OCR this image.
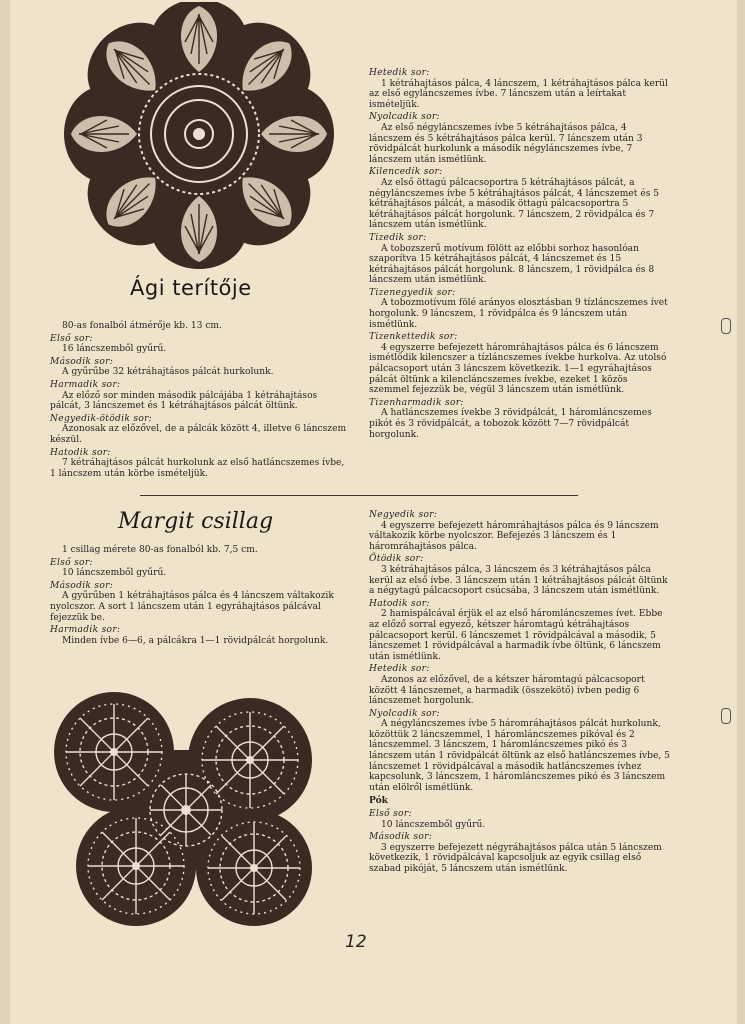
Ági terítője

80-as fonalból átmérője kb. 13 cm.

Első sor:

16 láncszemből gyűrű.

Második sor:

A gyűrűbe 32 kétráhajtásos pálcát hurkolunk.

Harmadik sor:

Az előző sor minden második pálcájába 1 kétráhajtásos pálcát, 3 láncszemet és 1 kétráhajtásos pálcát öltünk.

Negyedik-ötödik sor:

Azonosak az előzővel, de a pálcák között 4, illetve 6 láncszem készül.

Hatodik sor:

7 kétráhajtásos pálcát hurkolunk az első hatláncszemes ívbe, 1 láncszem után körbe ismételjük.

Hetedik sor:

1 kétráhajtásos pálca, 4 láncszem, 1 kétráhajtásos pálca kerül az első egyláncszemes ívbe. 7 láncszem után a leírtakat ismételjük.

Nyolcadik sor:

Az első négyláncszemes ívbe 5 kétráhajtásos pálca, 4 láncszem és 5 kétráhajtásos pálca kerül. 7 láncszem után 3 rövidpálcát hurkolunk a második négyláncszemes ívbe, 7 láncszem után ismétlünk.

Kilencedik sor:

Az első öttagú pálcacsoportra 5 kétráhajtásos pálcát, a négyláncszemes ívbe 5 kétráhajtásos pálcát, 4 láncszemet és 5 kétráhajtásos pálcát, a második öttagú pálcacsoportra 5 kétráhajtásos pálcát horgolunk. 7 láncszem, 2 rövidpálca és 7 láncszem után ismétlünk.

Tizedik sor:

A tobozszerű motívum fölött az előbbi sorhoz hasonlóan szaporítva 15 kétráhajtásos pálcát, 4 láncszemet és 15 kétráhajtásos pálcát horgolunk. 8 láncszem, 1 rövidpálca és 8 láncszem után ismétlünk.

Tizenegyedik sor:

A tobozmotívum fölé arányos elosztásban 9 tízláncszemes ívet horgolunk. 9 láncszem, 1 rövidpálca és 9 láncszem után ismétlünk.

Tizenkettedik sor:

4 egyszerre befejezett háromráhajtásos pálca és 6 láncszem ismétlődik kilencszer a tízláncszemes ívekbe hurkolva. Az utolsó pálcacsoport után 3 láncszem következik. 1—1 egyráhajtásos pálcát öltünk a kilencláncszemes ívekbe, ezeket 1 közös szemmel fejezzük be, végül 3 láncszem után ismétlünk.

Tizenharmadik sor:

A hatláncszemes ívekbe 3 rövidpálcát, 1 háromláncszemes pikót és 3 rövidpálcát, a tobozok között 7—7 rövidpálcát horgolunk.

Margit csillag

1 csillag mérete 80-as fonalból kb. 7,5 cm.

Első sor:

10 láncszemből gyűrű.

Második sor:

A gyűrűben 1 kétráhajtásos pálca és 4 láncszem váltakozik nyolcszor. A sort 1 láncszem után 1 egyráhajtásos pálcával fejezzük be.

Harmadik sor:

Minden ívbe 6—6, a pálcákra 1—1 rövidpálcát horgolunk.

Negyedik sor:

4 egyszerre befejezett háromráhajtásos pálca és 9 láncszem váltakozik körbe nyolcszor. Befejezés 3 láncszem és 1 háromráhajtásos pálca.

Ötödik sor:

3 kétráhajtásos pálca, 3 láncszem és 3 kétráhajtásos pálca kerül az első ívbe. 3 láncszem után 1 kétráhajtásos pálcát öltünk a négytagú pálcacsoport csúcsába, 3 láncszem után ismétlünk.

Hatodik sor:

2 hamispálcával érjük el az első háromláncszemes ívet. Ebbe az előző sorral egyező, kétszer háromtagú kétráhajtásos pálcacsoport kerül. 6 láncszemet 1 rövidpálcával a második, 5 láncszemet 1 rövidpálcával a harmadik ívbe öltünk, 6 láncszem után ismétlünk.

Hetedik sor:

Azonos az előzővel, de a kétszer háromtagú pálcacsoport között 4 láncszemet, a harmadik (összekötő) ívben pedig 6 láncszemet horgolunk.

Nyolcadik sor:

A négyláncszemes ívbe 5 háromráhajtásos pálcát hurkolunk, közöttük 2 láncszemmel, 1 háromláncszemes pikóval és 2 láncszemmel. 3 láncszem, 1 háromláncszemes pikó és 3 láncszem után 1 rövidpálcát öltünk az első hatláncszemes ívbe, 5 láncszemet 1 rövidpálcával a második hatláncszemes ívhez kapcsolunk, 3 láncszem, 1 háromláncszemes pikó és 3 láncszem után elölről ismétlünk.

Pók

Első sor:

10 láncszemből gyűrű.

Második sor:

3 egyszerre befejezett négyráhajtásos pálca után 5 láncszem következik, 1 rövidpálcával kapcsoljuk az egyik csillag első szabad pikóját, 5 láncszem után ismétlünk.

12
